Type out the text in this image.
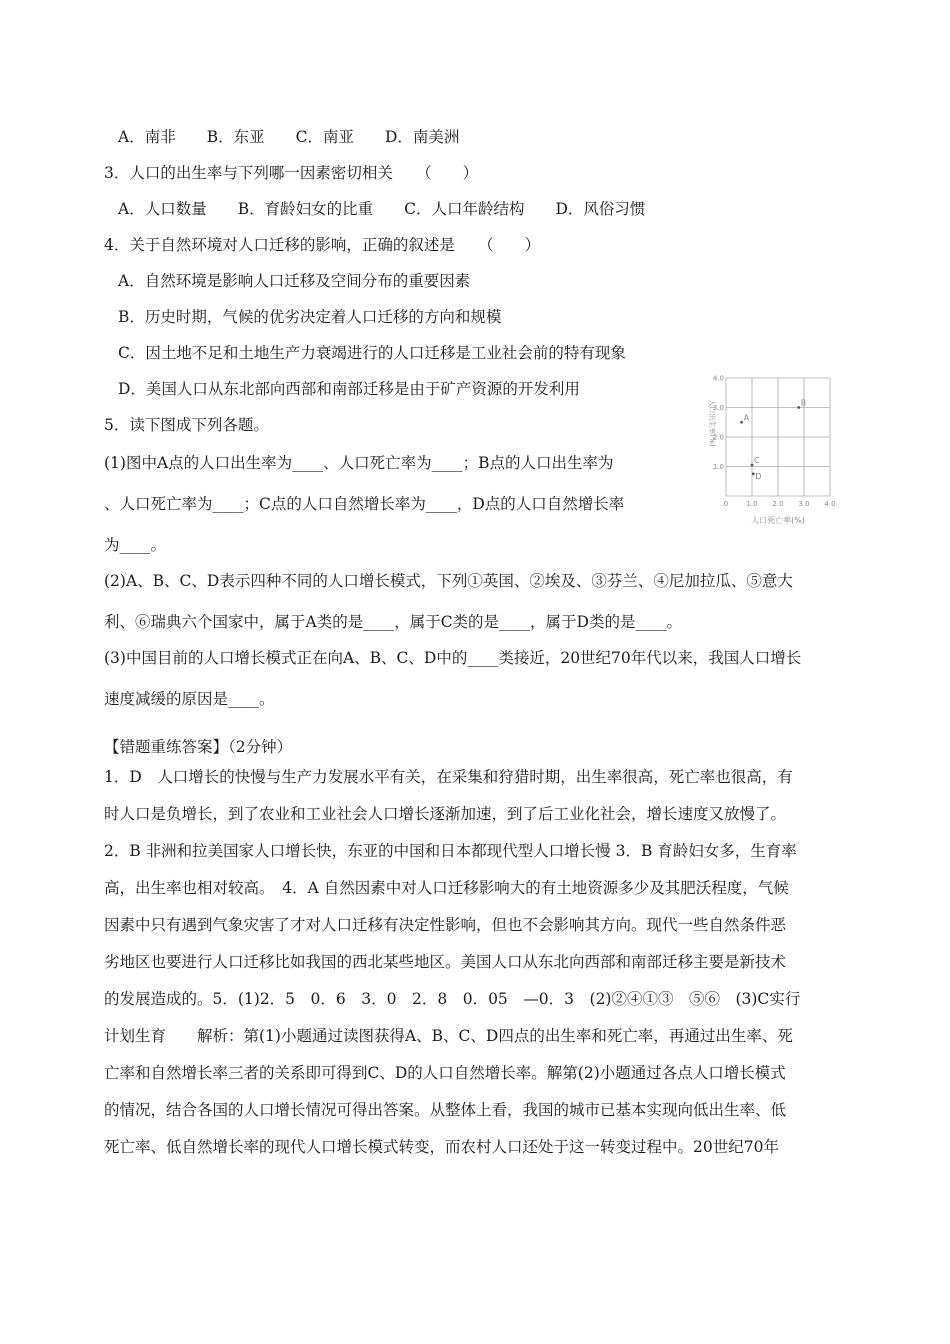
A．南非　　B．东亚　　C．南亚　　D．南美洲
3．人口的出生率与下列哪一因素密切相关　　（　　）
A．人口数量　　B．育龄妇女的比重　　C．人口年龄结构　　D．风俗习惯
4．关于自然环境对人口迁移的影响，正确的叙述是　　（　　）
A．自然环境是影响人口迁移及空间分布的重要因素
B．历史时期，气候的优劣决定着人口迁移的方向和规模
C．因土地不足和土地生产力衰竭进行的人口迁移是工业社会前的特有现象
D．美国人口从东北部向西部和南部迁移是由于矿产资源的开发利用
5．读下图成下列各题。
(1)图中A点的人口出生率为____、人口死亡率为____；B点的人口出生率为
、人口死亡率为____；C点的人口自然增长率为____，D点的人口自然增长率
为____。
(2)A、B、C、D表示四种不同的人口增长模式，下列①英国、②埃及、③芬兰、④尼加拉瓜、⑤意大
利、⑥瑞典六个国家中，属于A类的是____，属于C类的是____，属于D类的是____。
(3)中国目前的人口增长模式正在向A、B、C、D中的____类接近，20世纪70年代以来，我国人口增长
速度减缓的原因是____。
【错题重练答案】（2分钟）
1．D　人口增长的快慢与生产力发展水平有关，在采集和狩猎时期，出生率很高，死亡率也很高，有
时人口是负增长，到了农业和工业社会人口增长逐渐加速，到了后工业化社会，增长速度又放慢了。
2．B 非洲和拉美国家人口增长快，东亚的中国和日本都现代型人口增长慢 3．B 育龄妇女多，生育率
高，出生率也相对较高。　4．A 自然因素中对人口迁移影响大的有土地资源多少及其肥沃程度，气候
因素中只有遇到气象灾害了才对人口迁移有决定性影响，但也不会影响其方向。现代一些自然条件恶
劣地区也要进行人口迁移比如我国的西北某些地区。美国人口从东北向西部和南部迁移主要是新技术
的发展造成的。5．(1)2．5　0．6　3．0　2．8　0．05　—0．3　(2)②④①③　⑤⑥　(3)C实行
计划生育　　解析：第(1)小题通过读图获得A、B、C、D四点的出生率和死亡率，再通过出生率、死
亡率和自然增长率三者的关系即可得到C、D的人口自然增长率。解第(2)小题通过各点人口增长模式
的情况，结合各国的人口增长情况可得出答案。从整体上看，我国的城市已基本实现向低出生率、低
死亡率、低自然增长率的现代人口增长模式转变，而农村人口还处于这一转变过程中。20世纪70年
0	1.0 2.0 3.0 4.0
1.0
2.0
3.0
4.0
A
B
C
D
人口死亡率(%)
人口出生率(%)
